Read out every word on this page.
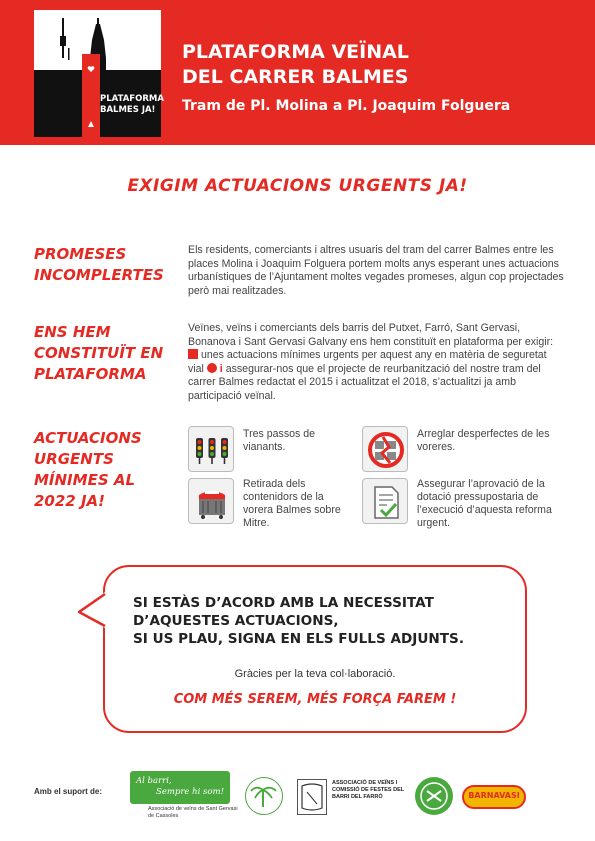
PLATAFORMA
BALMES JA!
PLATAFORMA VEÏNAL
DEL CARRER BALMES
Tram de Pl. Molina a Pl. Joaquim Folguera
EXIGIM ACTUACIONS URGENTS JA!
PROMESES
INCOMPLERTES
Els residents, comerciants i altres usuaris del tram del carrer Balmes entre les places Molina i Joaquim Folguera portem molts anys esperant unes actuacions urbanístiques de l’Ajuntament moltes vegades promeses, algun cop projectades però mai realitzades.
ENS HEM
CONSTITUÏT EN
PLATAFORMA
Veïnes, veïns i comerciants dels barris del Putxet, Farró, Sant Gervasi, Bonanova i Sant Gervasi Galvany ens hem constituït en plataforma per exigir:  unes actuacions mínimes urgents per aquest any en matèria de seguretat vial  i assegurar-nos que el projecte de reurbanització del nostre tram del carrer Balmes redactat el 2015 i actualitzat el 2018, s’actualitzi ja amb participació veïnal.
ACTUACIONS
URGENTS
MÍNIMES AL
2022 JA!
Tres passos de vianants.
Arreglar desperfectes de les voreres.
Retirada dels contenidors de la vorera Balmes sobre Mitre.
Assegurar l’aprovació de la dotació pressupostaria de l’execució d’aquesta reforma urgent.
SI ESTÀS D’ACORD AMB LA NECESSITAT
D’AQUESTES ACTUACIONS,
SI US PLAU, SIGNA EN ELS FULLS ADJUNTS.
Gràcies per la teva col·laboració.
COM MÉS SEREM, MÉS FORÇA FAREM !
Amb el suport de:
Al barri,
Sempre hi som!
Associació de veïns de Sant Gervasi de Cassoles
ASSOCIACIÓ DE VEÏNS I COMISSIÓ DE FESTES DEL BARRI DEL FARRÓ	BARNAVASI
